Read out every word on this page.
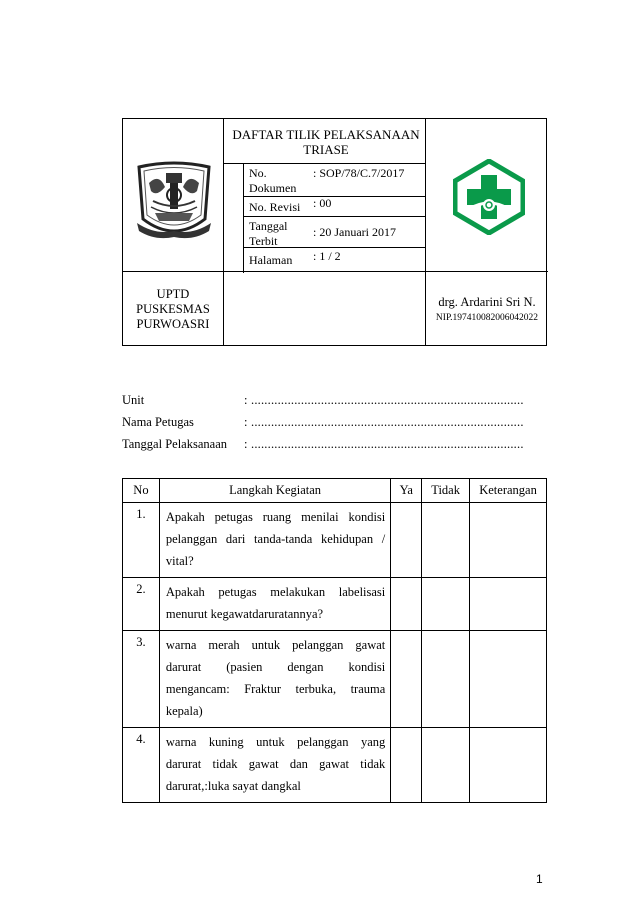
DAFTAR TILIK PELAKSANAAN TRIASE
No. Dokumen
: SOP/78/C.7/2017
No. Revisi : 00
Tanggal Terbit
: 20 Januari 2017
Halaman : 1 / 2
UPTD PUSKESMAS PURWOASRI
drg. Ardarini Sri N.
NIP.197410082006042022
Unit	: ..................................................................................
Nama Petugas	: ..................................................................................
Tanggal Pelaksanaan : ..................................................................................
No	Langkah Kegiatan	Ya	Tidak	Keterangan
1.	Apakah petugas ruang menilai kondisi pelanggan dari tanda-tanda kehidupan / vital?			
2.	Apakah petugas melakukan labelisasi menurut kegawatdaruratannya?			
3.	warna merah untuk pelanggan gawat darurat (pasien dengan kondisi mengancam: Fraktur terbuka, trauma kepala)			
4.	warna kuning untuk pelanggan yang darurat tidak gawat dan gawat tidak darurat,:luka sayat dangkal			
1
